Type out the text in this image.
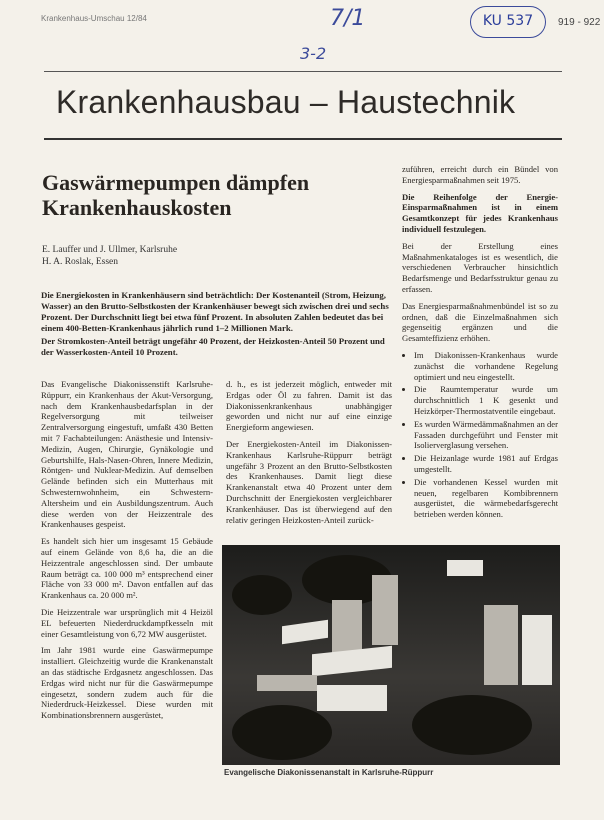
Krankenhaus-Umschau 12/84	KU 537	919 - 922
7/1
3-2
Krankenhausbau – Haustechnik
Gaswärmepumpen dämpfen Krankenhauskosten
E. Lauffer und J. Ullmer, Karlsruhe
H. A. Roslak, Essen

Die Energiekosten in Krankenhäusern sind beträchtlich: Der Kostenanteil (Strom, Heizung, Wasser) an den Brutto-Selbstkosten der Krankenhäuser bewegt sich zwischen drei und sechs Prozent. Der Durchschnitt liegt bei etwa fünf Prozent. In absoluten Zahlen bedeutet das bei einem 400-Betten-Krankenhaus jährlich rund 1–2 Millionen Mark.

Der Stromkosten-Anteil beträgt ungefähr 40 Prozent, der Heizkosten-Anteil 50 Prozent und der Wasserkosten-Anteil 10 Prozent.

Das Evangelische Diakonissenstift Karlsruhe-Rüppurr, ein Krankenhaus der Akut-Versorgung, nach dem Krankenhausbedarfsplan in der Regelversorgung mit teilweiser Zentralversorgung eingestuft, umfaßt 430 Betten mit 7 Fachabteilungen: Anästhesie und Intensiv-Medizin, Augen, Chirurgie, Gynäkologie und Geburtshilfe, Hals-Nasen-Ohren, Innere Medizin, Röntgen- und Nuklear-Medizin. Auf demselben Gelände befinden sich ein Mutterhaus mit Schwesternwohnheim, ein Schwestern-Altersheim und ein Ausbildungszentrum. Auch diese werden von der Heizzentrale des Krankenhauses gespeist.

Es handelt sich hier um insgesamt 15 Gebäude auf einem Gelände von 8,6 ha, die an die Heizzentrale angeschlossen sind. Der umbaute Raum beträgt ca. 100 000 m³ entsprechend einer Fläche von 33 000 m². Davon entfallen auf das Krankenhaus ca. 20 000 m².

Die Heizzentrale war ursprünglich mit 4 Heizöl EL befeuerten Niederdruckdampfkesseln mit einer Gesamtleistung von 6,72 MW ausgerüstet.

Im Jahr 1981 wurde eine Gaswärmepumpe installiert. Gleichzeitig wurde die Krankenanstalt an das städtische Erdgasnetz angeschlossen. Das Erdgas wird nicht nur für die Gaswärmepumpe eingesetzt, sondern zudem auch für die Niederdruck-Heizkessel. Diese wurden mit Kombinationsbrennern ausgerüstet,

d. h., es ist jederzeit möglich, entweder mit Erdgas oder Öl zu fahren. Damit ist das Diakonissenkrankenhaus unabhängiger geworden und nicht nur auf eine einzige Energieform angewiesen.

Der Energiekosten-Anteil im Diakonissen-Krankenhaus Karlsruhe-Rüppurr beträgt ungefähr 3 Prozent an den Brutto-Selbstkosten des Krankenhauses. Damit liegt diese Krankenanstalt etwa 40 Prozent unter dem Durchschnitt der Energiekosten vergleichbarer Krankenhäuser. Das ist überwiegend auf den relativ geringen Heizkosten-Anteil zurück-

zuführen, erreicht durch ein Bündel von Energiesparmaßnahmen seit 1975.

Die Reihenfolge der Energie-Einsparmaßnahmen ist in einem Gesamtkonzept für jedes Krankenhaus individuell festzulegen.

Bei der Erstellung eines Maßnahmenkataloges ist es wesentlich, die verschiedenen Verbraucher hinsichtlich Bedarfsmenge und Bedarfsstruktur genau zu erfassen.

Das Energiesparmaßnahmenbündel ist so zu ordnen, daß die Einzelmaßnahmen sich gegenseitig ergänzen und die Gesamteffizienz erhöhen.

• Im Diakonissen-Krankenhaus wurde zunächst die vorhandene Regelung optimiert und neu eingestellt.
• Die Raumtemperatur wurde um durchschnittlich 1 K gesenkt und Heizkörper-Thermostatventile eingebaut.
• Es wurden Wärmedämmaßnahmen an der Fassaden durchgeführt und Fenster mit Isolierverglasung versehen.
• Die Heizanlage wurde 1981 auf Erdgas umgestellt.
• Die vorhandenen Kessel wurden mit neuen, regelbaren Kombibrennern ausgerüstet, die wärmebedarfsgerecht betrieben werden können.
Evangelische Diakonissenanstalt in Karlsruhe-Rüppurr
